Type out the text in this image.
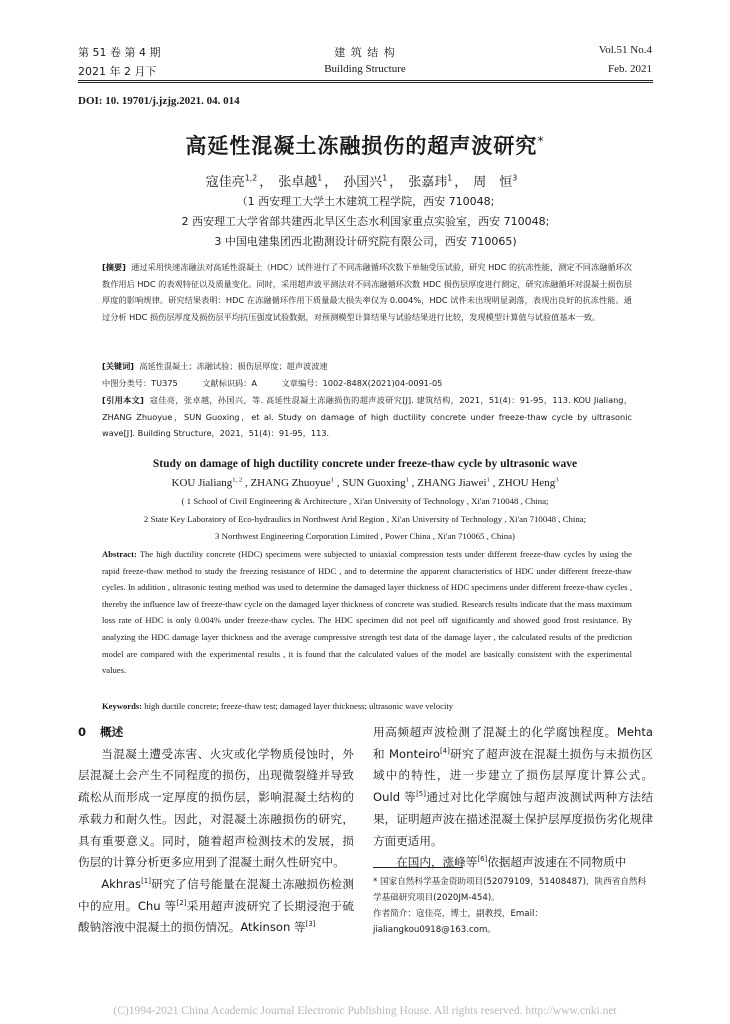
第 51 卷 第 4 期
2021 年 2 月下
建 筑 结 构
Building Structure
Vol.51 No.4
Feb. 2021
DOI: 10. 19701/j.jzjg.2021. 04. 014
高延性混凝土冻融损伤的超声波研究*
寇佳亮$^{1,2}$ ， 张卓越$^1$ ， 孙国兴$^1$ ， 张嘉玮$^1$ ， 周　恒$^3$
（1 西安理工大学土木建筑工程学院，西安 710048;
2 西安理工大学省部共建西北旱区生态水利国家重点实验室，西安 710048;
3 中国电建集团西北勘测设计研究院有限公司，西安 710065)
[摘要] 通过采用快速冻融法对高延性混凝土（HDC）试件进行了不同冻融循环次数下单轴受压试验，研究 HDC 的抗冻性能，测定不同冻融循环次数作用后 HDC 的表观特征以及质量变化。同时，采用超声波平测法对不同冻融循环次数 HDC 损伤层厚度进行测定，研究冻融循环对混凝土损伤层厚度的影响规律。研究结果表明：HDC 在冻融循环作用下质量最大损失率仅为 0.004%，HDC 试件未出现明显剥落，表现出良好的抗冻性能。通过分析 HDC 损伤层厚度及损伤层平均抗压强度试验数据，对预测模型计算结果与试验结果进行比较，发现模型计算值与试验值基本一致。
[关键词] 高延性混凝土；冻融试验；损伤层厚度；超声波波速
中图分类号：TU375　　　文献标识码：A　　　文章编号：1002-848X(2021)04-0091-05
[引用本文] 寇佳亮，张卓越，孙国兴，等. 高延性混凝土冻融损伤的超声波研究[J]. 建筑结构，2021，51(4)：91-95，113. KOU Jialiang，ZHANG Zhuoyue，SUN Guoxing，et al. Study on damage of high ductility concrete under freeze-thaw cycle by ultrasonic wave[J]. Building Structure，2021，51(4)：91-95，113.
Study on damage of high ductility concrete under freeze-thaw cycle by ultrasonic wave
KOU Jialiang$^{1, 2}$ , ZHANG Zhuoyue$^1$ , SUN Guoxing$^1$ , ZHANG Jiawei$^1$ , ZHOU Heng$^3$
( 1 School of Civil Engineering & Architecture , Xi'an University of Technology , Xi'an 710048 , China;
2 State Key Laboratory of Eco-hydraulics in Northwest Arid Region , Xi'an University of Technology , Xi'an 710048 , China;
3 Northwest Engineering Corporation Limited , Power China , Xi'an 710065 , China)
Abstract: The high ductility concrete (HDC) specimens were subjected to uniaxial compression tests under different freeze-thaw cycles by using the rapid freeze-thaw method to study the freezing resistance of HDC , and to determine the apparent characteristics of HDC under different freeze-thaw cycles. In addition , ultrasonic testing method was used to determine the damaged layer thickness of HDC specimens under different freeze-thaw cycles , thereby the influence law of freeze-thaw cycle on the damaged layer thickness of concrete was studied. Research results indicate that the mass maximum loss rate of HDC is only 0.004% under freeze-thaw cycles. The HDC specimen did not peel off significantly and showed good frost resistance. By analyzing the HDC damage layer thickness and the average compressive strength test data of the damage layer , the calculated results of the prediction model are compared with the experimental results , it is found that the calculated values of the model are basically consistent with the experimental values.
Keywords: high ductile concrete; freeze-thaw test; damaged layer thickness; ultrasonic wave velocity

0 概述

当混凝土遭受冻害、火灾或化学物质侵蚀时，外层混凝土会产生不同程度的损伤，出现微裂缝并导致疏松从而形成一定厚度的损伤层，影响混凝土结构的承载力和耐久性。因此，对混凝土冻融损伤的研究，具有重要意义。同时，随着超声检测技术的发展，损伤层的计算分析更多应用到了混凝土耐久性研究中。

Akhras[1]研究了信号能量在混凝土冻融损伤检测中的应用。Chu 等[2]采用超声波研究了长期浸泡于硫酸钠溶液中混凝土的损伤情况。Atkinson 等[3]

用高频超声波检测了混凝土的化学腐蚀程度。Mehta 和 Monteiro[4]研究了超声波在混凝土损伤与未损伤区域中的特性，进一步建立了损伤层厚度计算公式。Ould 等[5]通过对比化学腐蚀与超声波测试两种方法结果，证明超声波在描述混凝土保护层厚度损伤劣化规律方面更适用。

在国内，涨峰等[6]依据超声波速在不同物质中

* 国家自然科学基金资助项目(52079109，51408487)，陕西省自然科学基础研究项目(2020JM-454)。
作者简介：寇佳亮，博士，副教授，Email：jialiangkou0918@163.com。
(C)1994-2021 China Academic Journal Electronic Publishing House. All rights reserved. http://www.cnki.net
